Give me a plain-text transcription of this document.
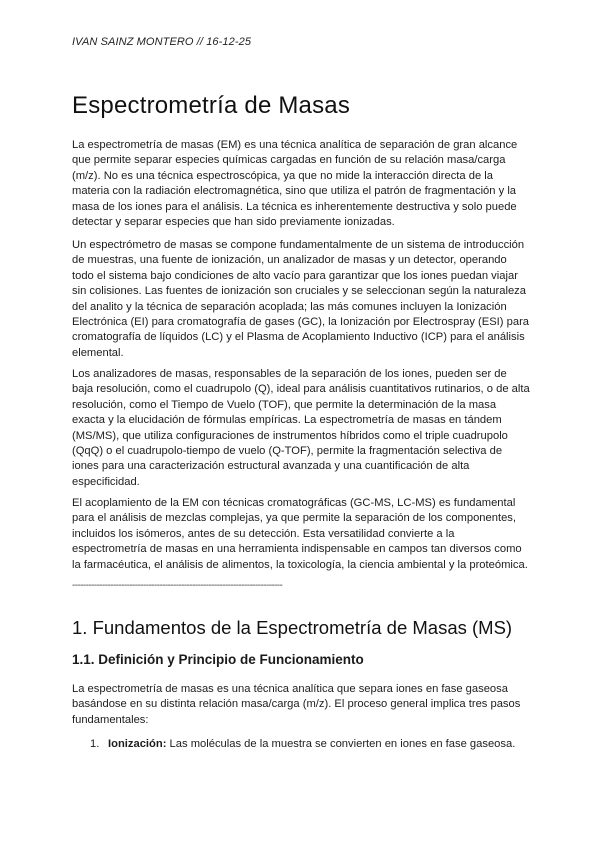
IVAN SAINZ MONTERO // 16-12-25
Espectrometría de Masas

La espectrometría de masas (EM) es una técnica analítica de separación de gran alcance que permite separar especies químicas cargadas en función de su relación masa/carga (m/z). No es una técnica espectroscópica, ya que no mide la interacción directa de la materia con la radiación electromagnética, sino que utiliza el patrón de fragmentación y la masa de los iones para el análisis. La técnica es inherentemente destructiva y solo puede detectar y separar especies que han sido previamente ionizadas.

Un espectrómetro de masas se compone fundamentalmente de un sistema de introducción de muestras, una fuente de ionización, un analizador de masas y un detector, operando todo el sistema bajo condiciones de alto vacío para garantizar que los iones puedan viajar sin colisiones. Las fuentes de ionización son cruciales y se seleccionan según la naturaleza del analito y la técnica de separación acoplada; las más comunes incluyen la Ionización Electrónica (EI) para cromatografía de gases (GC), la Ionización por Electrospray (ESI) para cromatografía de líquidos (LC) y el Plasma de Acoplamiento Inductivo (ICP) para el análisis elemental.

Los analizadores de masas, responsables de la separación de los iones, pueden ser de baja resolución, como el cuadrupolo (Q), ideal para análisis cuantitativos rutinarios, o de alta resolución, como el Tiempo de Vuelo (TOF), que permite la determinación de la masa exacta y la elucidación de fórmulas empíricas. La espectrometría de masas en tándem (MS/MS), que utiliza configuraciones de instrumentos híbridos como el triple cuadrupolo (QqQ) o el cuadrupolo-tiempo de vuelo (Q-TOF), permite la fragmentación selectiva de iones para una caracterización estructural avanzada y una cuantificación de alta especificidad.

El acoplamiento de la EM con técnicas cromatográficas (GC-MS, LC-MS) es fundamental para el análisis de mezclas complejas, ya que permite la separación de los componentes, incluidos los isómeros, antes de su detección. Esta versatilidad convierte a la espectrometría de masas en una herramienta indispensable en campos tan diversos como la farmacéutica, el análisis de alimentos, la toxicología, la ciencia ambiental y la proteómica.

-----------------------------------------------------------------------------
1. Fundamentos de la Espectrometría de Masas (MS)
1.1. Definición y Principio de Funcionamiento

La espectrometría de masas es una técnica analítica que separa iones en fase gaseosa basándose en su distinta relación masa/carga (m/z). El proceso general implica tres pasos fundamentales:

1. Ionización: Las moléculas de la muestra se convierten en iones en fase gaseosa.
